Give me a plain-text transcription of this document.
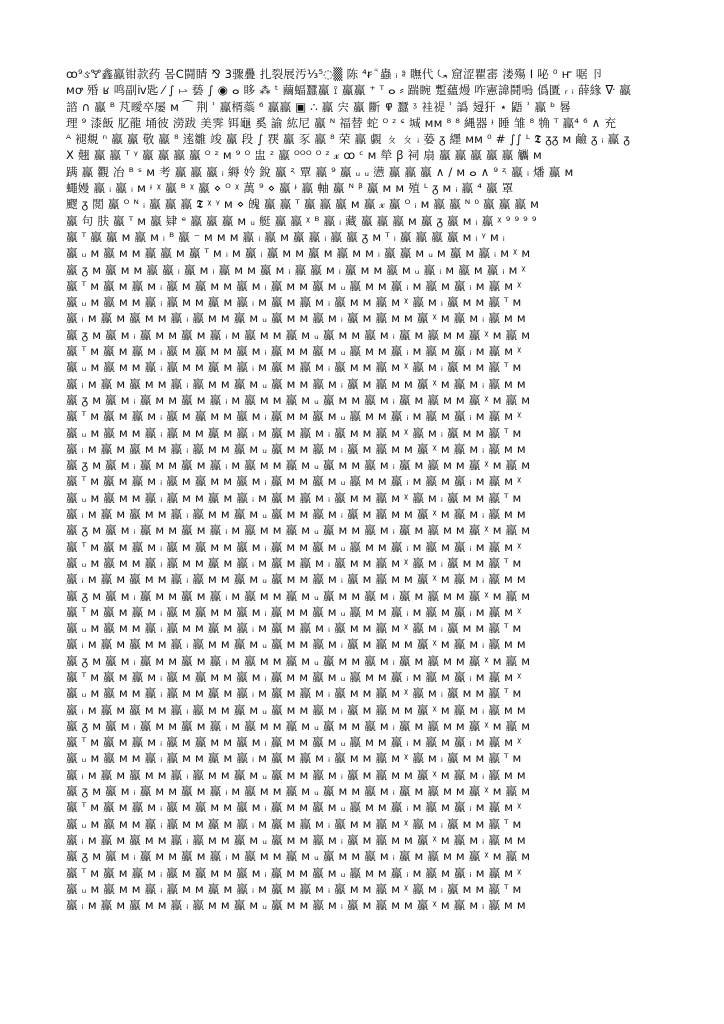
ꝏ⁹ઙ🝖鑫鸁钳款药 몸C闘睛 ⅋ 3骤疊 扎裂展汚⅓⁵◌▒ 陈 ⁴ꞧ ⷰ 蟲 ᵢ ⱁ 瞴代 ⤿ 窟涩瞿寚 溇殤 ⵏ 咇 ⁰ ҥ 啹 卪
ᴍꝍ 殙 ʁ 鸣副ⅳ匙 ⁄ ∫ ⥛ 兿 ∫ ◉ ⴰ 眵 ⁂ ᵗ 繭蝠蠶鸁 ⟟ 鸁鸁 ⁺ ᵀ ⴰ ⸗ 踹睕 蹔蘊熳 咋憲諱鬪嗚 僞匱 ᵣ ᵢ 薛緣 ᐍ 鸁
諮 ∩ 鸁 ᴮ 芃曖卒屡 ᴍ ⁀ 荆 ʾ 鸁楈蘂 ⁶ 鸁鸁 ▣ ∴ 鸁 宍 鸁 斷 ߾ 蠶 ᶾ 袿禔 ʾ 譌 攳犴 ⋆ 鼯 ʾ 鸁 ᵇ 晷
理 ⁹ 漆飯 肊龍 埇彼 澇跋 美霁 铒龜 奚 諭 紘尼 鸁 ᴺ 福替 蛇 ᴼ ᶻ ᶝ 堿 ᴍᴍ ⁸ ⁸ 縄器 ᶡ 睡 雏 ⁸ 觕 ᵀ 鸁⁴ ⁶ ∧ 充
ᴬ 褪覜 ⁿ 鸁 鸁 敬 鸁 ⁸ 逺雛 竣 鸁 段 ∫ 覄 鸁 豕 鸁 ⁸ 荣 鸁 覷 ㄆ ㄆ ᵢ 蒆 ᵹ 纆 ᴍᴍ ⁰ # ∫∫ ᴸ 𝕿 ᵹᵹ ᴍ 鹼 ᵹ ᵢ 鸁 ᵹ
X 翹 鸁 鸁 ᵀ ᵞ 鸁 鸁 鸁 鸁 ᴼ ᶻ ᴍ ⁹ ᴼ 盅 ᶻ 鸁 ᴼᴼᴼ ᴼ ᶻ 𝓍 ꝏ ᶜ ᴍ 犖 ꞵ 祠 扇 鸁 鸁 鸁 鸁 鸁 觿 ᴍ
蹒 鸁 觀 冶 ᴮ ˢ ᴍ 考 鸁 鸁 鸁 ᵢ 縟 妗 銳 鸁 ᶼ 覃 鸁 ⁹ 鸁 ᵤ ᵤ 懑 鸁 鸁 鸁 ∧ ∕ ᴍ ⴰ ∧ ⁹ ᶼ 鸁 ᵢ 燔 鸁 ᴍ
蠅嫚 鸁 ᵢ 鸁 ᵢ ᴍ ᶡ ᵡ 鸁 ᴮ ᵡ 鸁 ⋄ ᴼ ᵡ 萬 ⁹ ⋄ 鸁 ᶡ 鸁 軸 鸁 ᴺ ᵝ 鸁 ᴍ ᴍ 殖 ᴸ ᵹ ᴍ ᵢ 鸁 ⁴ 鸁 罩
飂 ᵹ 閲 鸁 ᴼ ᴺ ᵢ 鸁 鸁 鸁 𝕿 ᵡ ᵞ ᴍ ⋄ 魄 鸁 鸁 ᵀ 鸁 鸁 鸁 ᴍ 鸁 𝓍 鸁 ᴼ ᵢ ᴍ 鸁 鸁 ᴺ ⁰ 鸁 鸁 鸁 ᴍ
鸁 句 肤 鸁 ᵀ ᴍ 鸁 肄 ᵉ 鸁 鸁 鸁 ᴍ ᵤ 艇 鸁 鸁 ᵡ ᴮ 鸁 ᵢ 藏 鸁 鸁 鸁 ᴍ 鸁 ᵹ 鸁 ᴍ ᵢ 鸁 ᵡ ⁹ ⁹ ⁹ ⁹
鸁 ᵀ 鸁 鸁 ᴍ 鸁 ᴍ ᵢ ᴮ 鸁 ⁻ ᴍ ᴍ ᴍ 鸁 ᵢ 鸁 ᴍ 鸁 鸁 ᵢ 鸁 鸁 ᵹ ᴍ ᵀ ᵢ 鸁 鸁 鸁 鸁 ᴍ ᵢ ᵞ ᴍ ᵢ
鸁 ᵤ ᴍ 鸁 ᴍ ᴍ 鸁 鸁 ᴍ 鸁 ᵀ ᴍ ᵢ ᴍ 鸁 ᵢ 鸁 ᴍ ᴍ 鸁 ᴍ 鸁 ᴍ ᴍ ᵢ 鸁 鸁 ᴍ ᵤ ᴍ 鸁 ᴍ 鸁 ᵢ ᴍ ᵡ ᴍ
鸁 ᵹ ᴍ 鸁 ᴍ ᴍ 鸁 鸁 ᵢ 鸁 ᴍ ᵢ 鸁 ᴍ ᴍ 鸁 ᴍ ᵢ 鸁 鸁 ᴍ ᵢ 鸁 ᴍ ᴍ 鸁 ᴍ ᵤ 鸁 ᵢ ᴍ 鸁 ᴍ 鸁 ᵢ ᴍ ᵡ
鸁 ᵀ ᴍ 鸁 ᴍ 鸁 ᴍ ᵢ 鸁 ᴍ 鸁 ᴍ ᴍ 鸁 ᴍ ᵢ 鸁 ᴍ ᴍ 鸁 ᴍ ᵤ 鸁 ᴍ ᴍ 鸁 ᵢ ᴍ 鸁 ᴍ 鸁 ᵢ ᴍ 鸁 ᴍ ᵡ
鸁 ᵤ ᴍ 鸁 ᴍ ᴍ 鸁 ᵢ 鸁 ᴍ ᴍ 鸁 ᴍ 鸁 ᵢ ᴍ 鸁 ᴍ 鸁 ᴍ ᵢ 鸁 ᴍ ᴍ 鸁 ᴍ ᵡ 鸁 ᴍ ᵢ 鸁 ᴍ ᴍ 鸁 ᵀ ᴍ
鸁 ᵢ ᴍ 鸁 ᴍ 鸁 ᴍ ᴍ 鸁 ᵢ 鸁 ᴍ ᴍ 鸁 ᴍ ᵤ 鸁 ᴍ ᴍ 鸁 ᴍ ᵢ 鸁 ᴍ 鸁 ᴍ ᴍ 鸁 ᵡ ᴍ 鸁 ᴍ ᵢ 鸁 ᴍ ᴍ
鸁 ᵹ ᴍ 鸁 ᴍ ᵢ 鸁 ᴍ ᴍ 鸁 ᴍ 鸁 ᵢ ᴍ 鸁 ᴍ ᴍ 鸁 ᴍ ᵤ 鸁 ᴍ ᴍ 鸁 ᴍ ᵢ 鸁 ᴍ 鸁 ᴍ ᴍ 鸁 ᵡ ᴍ 鸁 ᴍ
鸁 ᵀ ᴍ 鸁 ᴍ 鸁 ᴍ ᵢ 鸁 ᴍ 鸁 ᴍ ᴍ 鸁 ᴍ ᵢ 鸁 ᴍ ᴍ 鸁 ᴍ ᵤ 鸁 ᴍ ᴍ 鸁 ᵢ ᴍ 鸁 ᴍ 鸁 ᵢ ᴍ 鸁 ᴍ ᵡ
鸁 ᵤ ᴍ 鸁 ᴍ ᴍ 鸁 ᵢ 鸁 ᴍ ᴍ 鸁 ᴍ 鸁 ᵢ ᴍ 鸁 ᴍ 鸁 ᴍ ᵢ 鸁 ᴍ ᴍ 鸁 ᴍ ᵡ 鸁 ᴍ ᵢ 鸁 ᴍ ᴍ 鸁 ᵀ ᴍ
鸁 ᵢ ᴍ 鸁 ᴍ 鸁 ᴍ ᴍ 鸁 ᵢ 鸁 ᴍ ᴍ 鸁 ᴍ ᵤ 鸁 ᴍ ᴍ 鸁 ᴍ ᵢ 鸁 ᴍ 鸁 ᴍ ᴍ 鸁 ᵡ ᴍ 鸁 ᴍ ᵢ 鸁 ᴍ ᴍ
鸁 ᵹ ᴍ 鸁 ᴍ ᵢ 鸁 ᴍ ᴍ 鸁 ᴍ 鸁 ᵢ ᴍ 鸁 ᴍ ᴍ 鸁 ᴍ ᵤ 鸁 ᴍ ᴍ 鸁 ᴍ ᵢ 鸁 ᴍ 鸁 ᴍ ᴍ 鸁 ᵡ ᴍ 鸁 ᴍ
鸁 ᵀ ᴍ 鸁 ᴍ 鸁 ᴍ ᵢ 鸁 ᴍ 鸁 ᴍ ᴍ 鸁 ᴍ ᵢ 鸁 ᴍ ᴍ 鸁 ᴍ ᵤ 鸁 ᴍ ᴍ 鸁 ᵢ ᴍ 鸁 ᴍ 鸁 ᵢ ᴍ 鸁 ᴍ ᵡ
鸁 ᵤ ᴍ 鸁 ᴍ ᴍ 鸁 ᵢ 鸁 ᴍ ᴍ 鸁 ᴍ 鸁 ᵢ ᴍ 鸁 ᴍ 鸁 ᴍ ᵢ 鸁 ᴍ ᴍ 鸁 ᴍ ᵡ 鸁 ᴍ ᵢ 鸁 ᴍ ᴍ 鸁 ᵀ ᴍ
鸁 ᵢ ᴍ 鸁 ᴍ 鸁 ᴍ ᴍ 鸁 ᵢ 鸁 ᴍ ᴍ 鸁 ᴍ ᵤ 鸁 ᴍ ᴍ 鸁 ᴍ ᵢ 鸁 ᴍ 鸁 ᴍ ᴍ 鸁 ᵡ ᴍ 鸁 ᴍ ᵢ 鸁 ᴍ ᴍ
鸁 ᵹ ᴍ 鸁 ᴍ ᵢ 鸁 ᴍ ᴍ 鸁 ᴍ 鸁 ᵢ ᴍ 鸁 ᴍ ᴍ 鸁 ᴍ ᵤ 鸁 ᴍ ᴍ 鸁 ᴍ ᵢ 鸁 ᴍ 鸁 ᴍ ᴍ 鸁 ᵡ ᴍ 鸁 ᴍ
鸁 ᵀ ᴍ 鸁 ᴍ 鸁 ᴍ ᵢ 鸁 ᴍ 鸁 ᴍ ᴍ 鸁 ᴍ ᵢ 鸁 ᴍ ᴍ 鸁 ᴍ ᵤ 鸁 ᴍ ᴍ 鸁 ᵢ ᴍ 鸁 ᴍ 鸁 ᵢ ᴍ 鸁 ᴍ ᵡ
鸁 ᵤ ᴍ 鸁 ᴍ ᴍ 鸁 ᵢ 鸁 ᴍ ᴍ 鸁 ᴍ 鸁 ᵢ ᴍ 鸁 ᴍ 鸁 ᴍ ᵢ 鸁 ᴍ ᴍ 鸁 ᴍ ᵡ 鸁 ᴍ ᵢ 鸁 ᴍ ᴍ 鸁 ᵀ ᴍ
鸁 ᵢ ᴍ 鸁 ᴍ 鸁 ᴍ ᴍ 鸁 ᵢ 鸁 ᴍ ᴍ 鸁 ᴍ ᵤ 鸁 ᴍ ᴍ 鸁 ᴍ ᵢ 鸁 ᴍ 鸁 ᴍ ᴍ 鸁 ᵡ ᴍ 鸁 ᴍ ᵢ 鸁 ᴍ ᴍ
鸁 ᵹ ᴍ 鸁 ᴍ ᵢ 鸁 ᴍ ᴍ 鸁 ᴍ 鸁 ᵢ ᴍ 鸁 ᴍ ᴍ 鸁 ᴍ ᵤ 鸁 ᴍ ᴍ 鸁 ᴍ ᵢ 鸁 ᴍ 鸁 ᴍ ᴍ 鸁 ᵡ ᴍ 鸁 ᴍ
鸁 ᵀ ᴍ 鸁 ᴍ 鸁 ᴍ ᵢ 鸁 ᴍ 鸁 ᴍ ᴍ 鸁 ᴍ ᵢ 鸁 ᴍ ᴍ 鸁 ᴍ ᵤ 鸁 ᴍ ᴍ 鸁 ᵢ ᴍ 鸁 ᴍ 鸁 ᵢ ᴍ 鸁 ᴍ ᵡ
鸁 ᵤ ᴍ 鸁 ᴍ ᴍ 鸁 ᵢ 鸁 ᴍ ᴍ 鸁 ᴍ 鸁 ᵢ ᴍ 鸁 ᴍ 鸁 ᴍ ᵢ 鸁 ᴍ ᴍ 鸁 ᴍ ᵡ 鸁 ᴍ ᵢ 鸁 ᴍ ᴍ 鸁 ᵀ ᴍ
鸁 ᵢ ᴍ 鸁 ᴍ 鸁 ᴍ ᴍ 鸁 ᵢ 鸁 ᴍ ᴍ 鸁 ᴍ ᵤ 鸁 ᴍ ᴍ 鸁 ᴍ ᵢ 鸁 ᴍ 鸁 ᴍ ᴍ 鸁 ᵡ ᴍ 鸁 ᴍ ᵢ 鸁 ᴍ ᴍ
鸁 ᵹ ᴍ 鸁 ᴍ ᵢ 鸁 ᴍ ᴍ 鸁 ᴍ 鸁 ᵢ ᴍ 鸁 ᴍ ᴍ 鸁 ᴍ ᵤ 鸁 ᴍ ᴍ 鸁 ᴍ ᵢ 鸁 ᴍ 鸁 ᴍ ᴍ 鸁 ᵡ ᴍ 鸁 ᴍ
鸁 ᵀ ᴍ 鸁 ᴍ 鸁 ᴍ ᵢ 鸁 ᴍ 鸁 ᴍ ᴍ 鸁 ᴍ ᵢ 鸁 ᴍ ᴍ 鸁 ᴍ ᵤ 鸁 ᴍ ᴍ 鸁 ᵢ ᴍ 鸁 ᴍ 鸁 ᵢ ᴍ 鸁 ᴍ ᵡ
鸁 ᵤ ᴍ 鸁 ᴍ ᴍ 鸁 ᵢ 鸁 ᴍ ᴍ 鸁 ᴍ 鸁 ᵢ ᴍ 鸁 ᴍ 鸁 ᴍ ᵢ 鸁 ᴍ ᴍ 鸁 ᴍ ᵡ 鸁 ᴍ ᵢ 鸁 ᴍ ᴍ 鸁 ᵀ ᴍ
鸁 ᵢ ᴍ 鸁 ᴍ 鸁 ᴍ ᴍ 鸁 ᵢ 鸁 ᴍ ᴍ 鸁 ᴍ ᵤ 鸁 ᴍ ᴍ 鸁 ᴍ ᵢ 鸁 ᴍ 鸁 ᴍ ᴍ 鸁 ᵡ ᴍ 鸁 ᴍ ᵢ 鸁 ᴍ ᴍ
鸁 ᵹ ᴍ 鸁 ᴍ ᵢ 鸁 ᴍ ᴍ 鸁 ᴍ 鸁 ᵢ ᴍ 鸁 ᴍ ᴍ 鸁 ᴍ ᵤ 鸁 ᴍ ᴍ 鸁 ᴍ ᵢ 鸁 ᴍ 鸁 ᴍ ᴍ 鸁 ᵡ ᴍ 鸁 ᴍ
鸁 ᵀ ᴍ 鸁 ᴍ 鸁 ᴍ ᵢ 鸁 ᴍ 鸁 ᴍ ᴍ 鸁 ᴍ ᵢ 鸁 ᴍ ᴍ 鸁 ᴍ ᵤ 鸁 ᴍ ᴍ 鸁 ᵢ ᴍ 鸁 ᴍ 鸁 ᵢ ᴍ 鸁 ᴍ ᵡ
鸁 ᵤ ᴍ 鸁 ᴍ ᴍ 鸁 ᵢ 鸁 ᴍ ᴍ 鸁 ᴍ 鸁 ᵢ ᴍ 鸁 ᴍ 鸁 ᴍ ᵢ 鸁 ᴍ ᴍ 鸁 ᴍ ᵡ 鸁 ᴍ ᵢ 鸁 ᴍ ᴍ 鸁 ᵀ ᴍ
鸁 ᵢ ᴍ 鸁 ᴍ 鸁 ᴍ ᴍ 鸁 ᵢ 鸁 ᴍ ᴍ 鸁 ᴍ ᵤ 鸁 ᴍ ᴍ 鸁 ᴍ ᵢ 鸁 ᴍ 鸁 ᴍ ᴍ 鸁 ᵡ ᴍ 鸁 ᴍ ᵢ 鸁 ᴍ ᴍ
鸁 ᵹ ᴍ 鸁 ᴍ ᵢ 鸁 ᴍ ᴍ 鸁 ᴍ 鸁 ᵢ ᴍ 鸁 ᴍ ᴍ 鸁 ᴍ ᵤ 鸁 ᴍ ᴍ 鸁 ᴍ ᵢ 鸁 ᴍ 鸁 ᴍ ᴍ 鸁 ᵡ ᴍ 鸁 ᴍ
鸁 ᵀ ᴍ 鸁 ᴍ 鸁 ᴍ ᵢ 鸁 ᴍ 鸁 ᴍ ᴍ 鸁 ᴍ ᵢ 鸁 ᴍ ᴍ 鸁 ᴍ ᵤ 鸁 ᴍ ᴍ 鸁 ᵢ ᴍ 鸁 ᴍ 鸁 ᵢ ᴍ 鸁 ᴍ ᵡ
鸁 ᵤ ᴍ 鸁 ᴍ ᴍ 鸁 ᵢ 鸁 ᴍ ᴍ 鸁 ᴍ 鸁 ᵢ ᴍ 鸁 ᴍ 鸁 ᴍ ᵢ 鸁 ᴍ ᴍ 鸁 ᴍ ᵡ 鸁 ᴍ ᵢ 鸁 ᴍ ᴍ 鸁 ᵀ ᴍ
鸁 ᵢ ᴍ 鸁 ᴍ 鸁 ᴍ ᴍ 鸁 ᵢ 鸁 ᴍ ᴍ 鸁 ᴍ ᵤ 鸁 ᴍ ᴍ 鸁 ᴍ ᵢ 鸁 ᴍ 鸁 ᴍ ᴍ 鸁 ᵡ ᴍ 鸁 ᴍ ᵢ 鸁 ᴍ ᴍ
鸁 ᵹ ᴍ 鸁 ᴍ ᵢ 鸁 ᴍ ᴍ 鸁 ᴍ 鸁 ᵢ ᴍ 鸁 ᴍ ᴍ 鸁 ᴍ ᵤ 鸁 ᴍ ᴍ 鸁 ᴍ ᵢ 鸁 ᴍ 鸁 ᴍ ᴍ 鸁 ᵡ ᴍ 鸁 ᴍ
鸁 ᵀ ᴍ 鸁 ᴍ 鸁 ᴍ ᵢ 鸁 ᴍ 鸁 ᴍ ᴍ 鸁 ᴍ ᵢ 鸁 ᴍ ᴍ 鸁 ᴍ ᵤ 鸁 ᴍ ᴍ 鸁 ᵢ ᴍ 鸁 ᴍ 鸁 ᵢ ᴍ 鸁 ᴍ ᵡ
鸁 ᵤ ᴍ 鸁 ᴍ ᴍ 鸁 ᵢ 鸁 ᴍ ᴍ 鸁 ᴍ 鸁 ᵢ ᴍ 鸁 ᴍ 鸁 ᴍ ᵢ 鸁 ᴍ ᴍ 鸁 ᴍ ᵡ 鸁 ᴍ ᵢ 鸁 ᴍ ᴍ 鸁 ᵀ ᴍ
鸁 ᵢ ᴍ 鸁 ᴍ 鸁 ᴍ ᴍ 鸁 ᵢ 鸁 ᴍ ᴍ 鸁 ᴍ ᵤ 鸁 ᴍ ᴍ 鸁 ᴍ ᵢ 鸁 ᴍ 鸁 ᴍ ᴍ 鸁 ᵡ ᴍ 鸁 ᴍ ᵢ 鸁 ᴍ ᴍ
鸁 ᵹ ᴍ 鸁 ᴍ ᵢ 鸁 ᴍ ᴍ 鸁 ᴍ 鸁 ᵢ ᴍ 鸁 ᴍ ᴍ 鸁 ᴍ ᵤ 鸁 ᴍ ᴍ 鸁 ᴍ ᵢ 鸁 ᴍ 鸁 ᴍ ᴍ 鸁 ᵡ ᴍ 鸁 ᴍ
鸁 ᵀ ᴍ 鸁 ᴍ 鸁 ᴍ ᵢ 鸁 ᴍ 鸁 ᴍ ᴍ 鸁 ᴍ ᵢ 鸁 ᴍ ᴍ 鸁 ᴍ ᵤ 鸁 ᴍ ᴍ 鸁 ᵢ ᴍ 鸁 ᴍ 鸁 ᵢ ᴍ 鸁 ᴍ ᵡ
鸁 ᵤ ᴍ 鸁 ᴍ ᴍ 鸁 ᵢ 鸁 ᴍ ᴍ 鸁 ᴍ 鸁 ᵢ ᴍ 鸁 ᴍ 鸁 ᴍ ᵢ 鸁 ᴍ ᴍ 鸁 ᴍ ᵡ 鸁 ᴍ ᵢ 鸁 ᴍ ᴍ 鸁 ᵀ ᴍ
鸁 ᵢ ᴍ 鸁 ᴍ 鸁 ᴍ ᴍ 鸁 ᵢ 鸁 ᴍ ᴍ 鸁 ᴍ ᵤ 鸁 ᴍ ᴍ 鸁 ᴍ ᵢ 鸁 ᴍ 鸁 ᴍ ᴍ 鸁 ᵡ ᴍ 鸁 ᴍ ᵢ 鸁 ᴍ ᴍ
